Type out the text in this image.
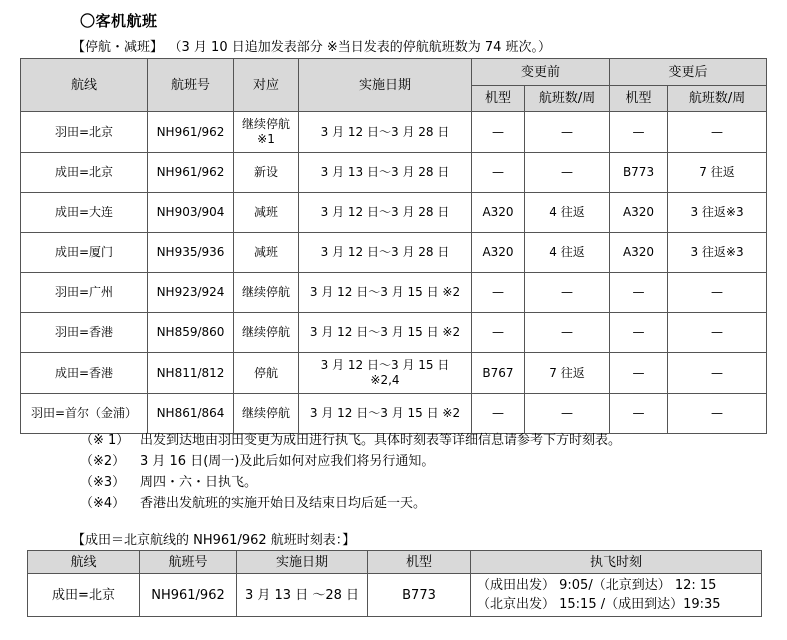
〇客机航班
【停航・减班】 （3 月 10 日追加发表部分 ※当日发表的停航航班数为 74 班次。）
航线	航班号	对应	实施日期	变更前		变更后	
				机型	航班数/周	机型	航班数/周
羽田=北京	NH961/962	继续停航※1	3 月 12 日～3 月 28 日	—	—	—	—
成田=北京	NH961/962	新设	3 月 13 日～3 月 28 日	—	—	B773	7 往返
成田=大连	NH903/904	减班	3 月 12 日～3 月 28 日	A320	4 往返	A320	3 往返※3
成田=厦门	NH935/936	减班	3 月 12 日～3 月 28 日	A320	4 往返	A320	3 往返※3
羽田=广州	NH923/924	继续停航	3 月 12 日～3 月 15 日 ※2	—	—	—	—
羽田=香港	NH859/860	继续停航	3 月 12 日～3 月 15 日 ※2	—	—	—	—
成田=香港	NH811/812	停航	3 月 12 日～3 月 15 日 ※2,4	B767	7 往返	—	—
羽田=首尔（金浦）	NH861/864	继续停航	3 月 12 日～3 月 15 日 ※2	—	—	—	—
（※ 1） 出发到达地由羽田变更为成田进行执飞。具体时刻表等详细信息请参考下方时刻表。
（※2） 3 月 16 日(周一)及此后如何对应我们将另行通知。
（※3） 周四・六・日执飞。
（※4） 香港出发航班的实施开始日及结束日均后延一天。
【成田＝北京航线的 NH961/962 航班时刻表：】
航线	航班号	实施日期	机型	执飞时刻
成田=北京	NH961/962	3 月 13 日 ～28 日	B773	（成田出发） 9:05/（北京到达） 12: 15
（北京出发） 15:15 /（成田到达）19:35
